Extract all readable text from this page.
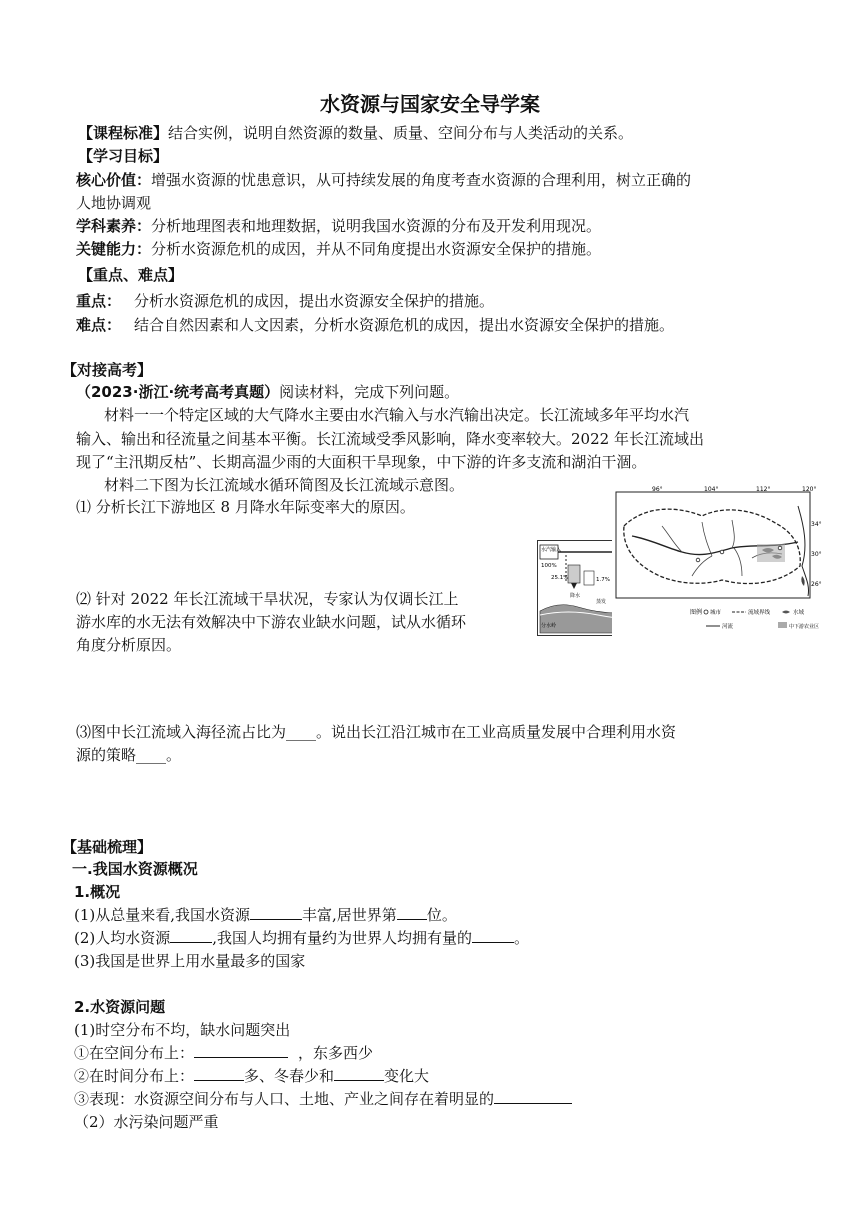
水资源与国家安全导学案
【课程标准】结合实例，说明自然资源的数量、质量、空间分布与人类活动的关系。
【学习目标】
核心价值：增强水资源的忧患意识，从可持续发展的角度考查水资源的合理利用，树立正确的
人地协调观
学科素养：分析地理图表和地理数据，说明我国水资源的分布及开发利用现况。
关键能力：分析水资源危机的成因，并从不同角度提出水资源安全保护的措施。
【重点、难点】
重点： 分析水资源危机的成因，提出水资源安全保护的措施。
难点： 结合自然因素和人文因素，分析水资源危机的成因，提出水资源安全保护的措施。
【对接高考】
（2023·浙江·统考高考真题）阅读材料，完成下列问题。
材料一一个特定区域的大气降水主要由水汽输入与水汽输出决定。长江流域多年平均水汽
输入、输出和径流量之间基本平衡。长江流域受季风影响，降水变率较大。2022 年长江流域出
现了“主汛期反枯”、长期高温少雨的大面积干旱现象，中下游的许多支流和湖泊干涸。
材料二下图为长江流域水循环简图及长江流域示意图。
⑴ 分析长江下游地区 8 月降水年际变率大的原因。
⑵ 针对 2022 年长江流域干旱状况，专家认为仅调长江上
游水库的水无法有效解决中下游农业缺水问题，试从水循环
角度分析原因。
⑶图中长江流域入海径流占比为____。说出长江沿江城市在工业高质量发展中合理利用水资
源的策略____。
水汽输入
100%
25.1%	1.7%
降水
蒸发
分水岭
96°	104°	112°	120°
34°
30°
26°
图例 城市	流域界线	水域
河流	中下游农业区
【基础梳理】
一.我国水资源概况
1.概况
(1)从总量来看,我国水资源	丰富,居世界第 位。
(2)人均水资源	,我国人均拥有量约为世界人均拥有量的	。
(3)我国是世界上用水量最多的国家
2.水资源问题
(1)时空分布不均，缺水问题突出
①在空间分布上：	，东多西少
②在时间分布上：	多、冬春少和	变化大
③表现：水资源空间分布与人口、土地、产业之间存在着明显的
（2）水污染问题严重
